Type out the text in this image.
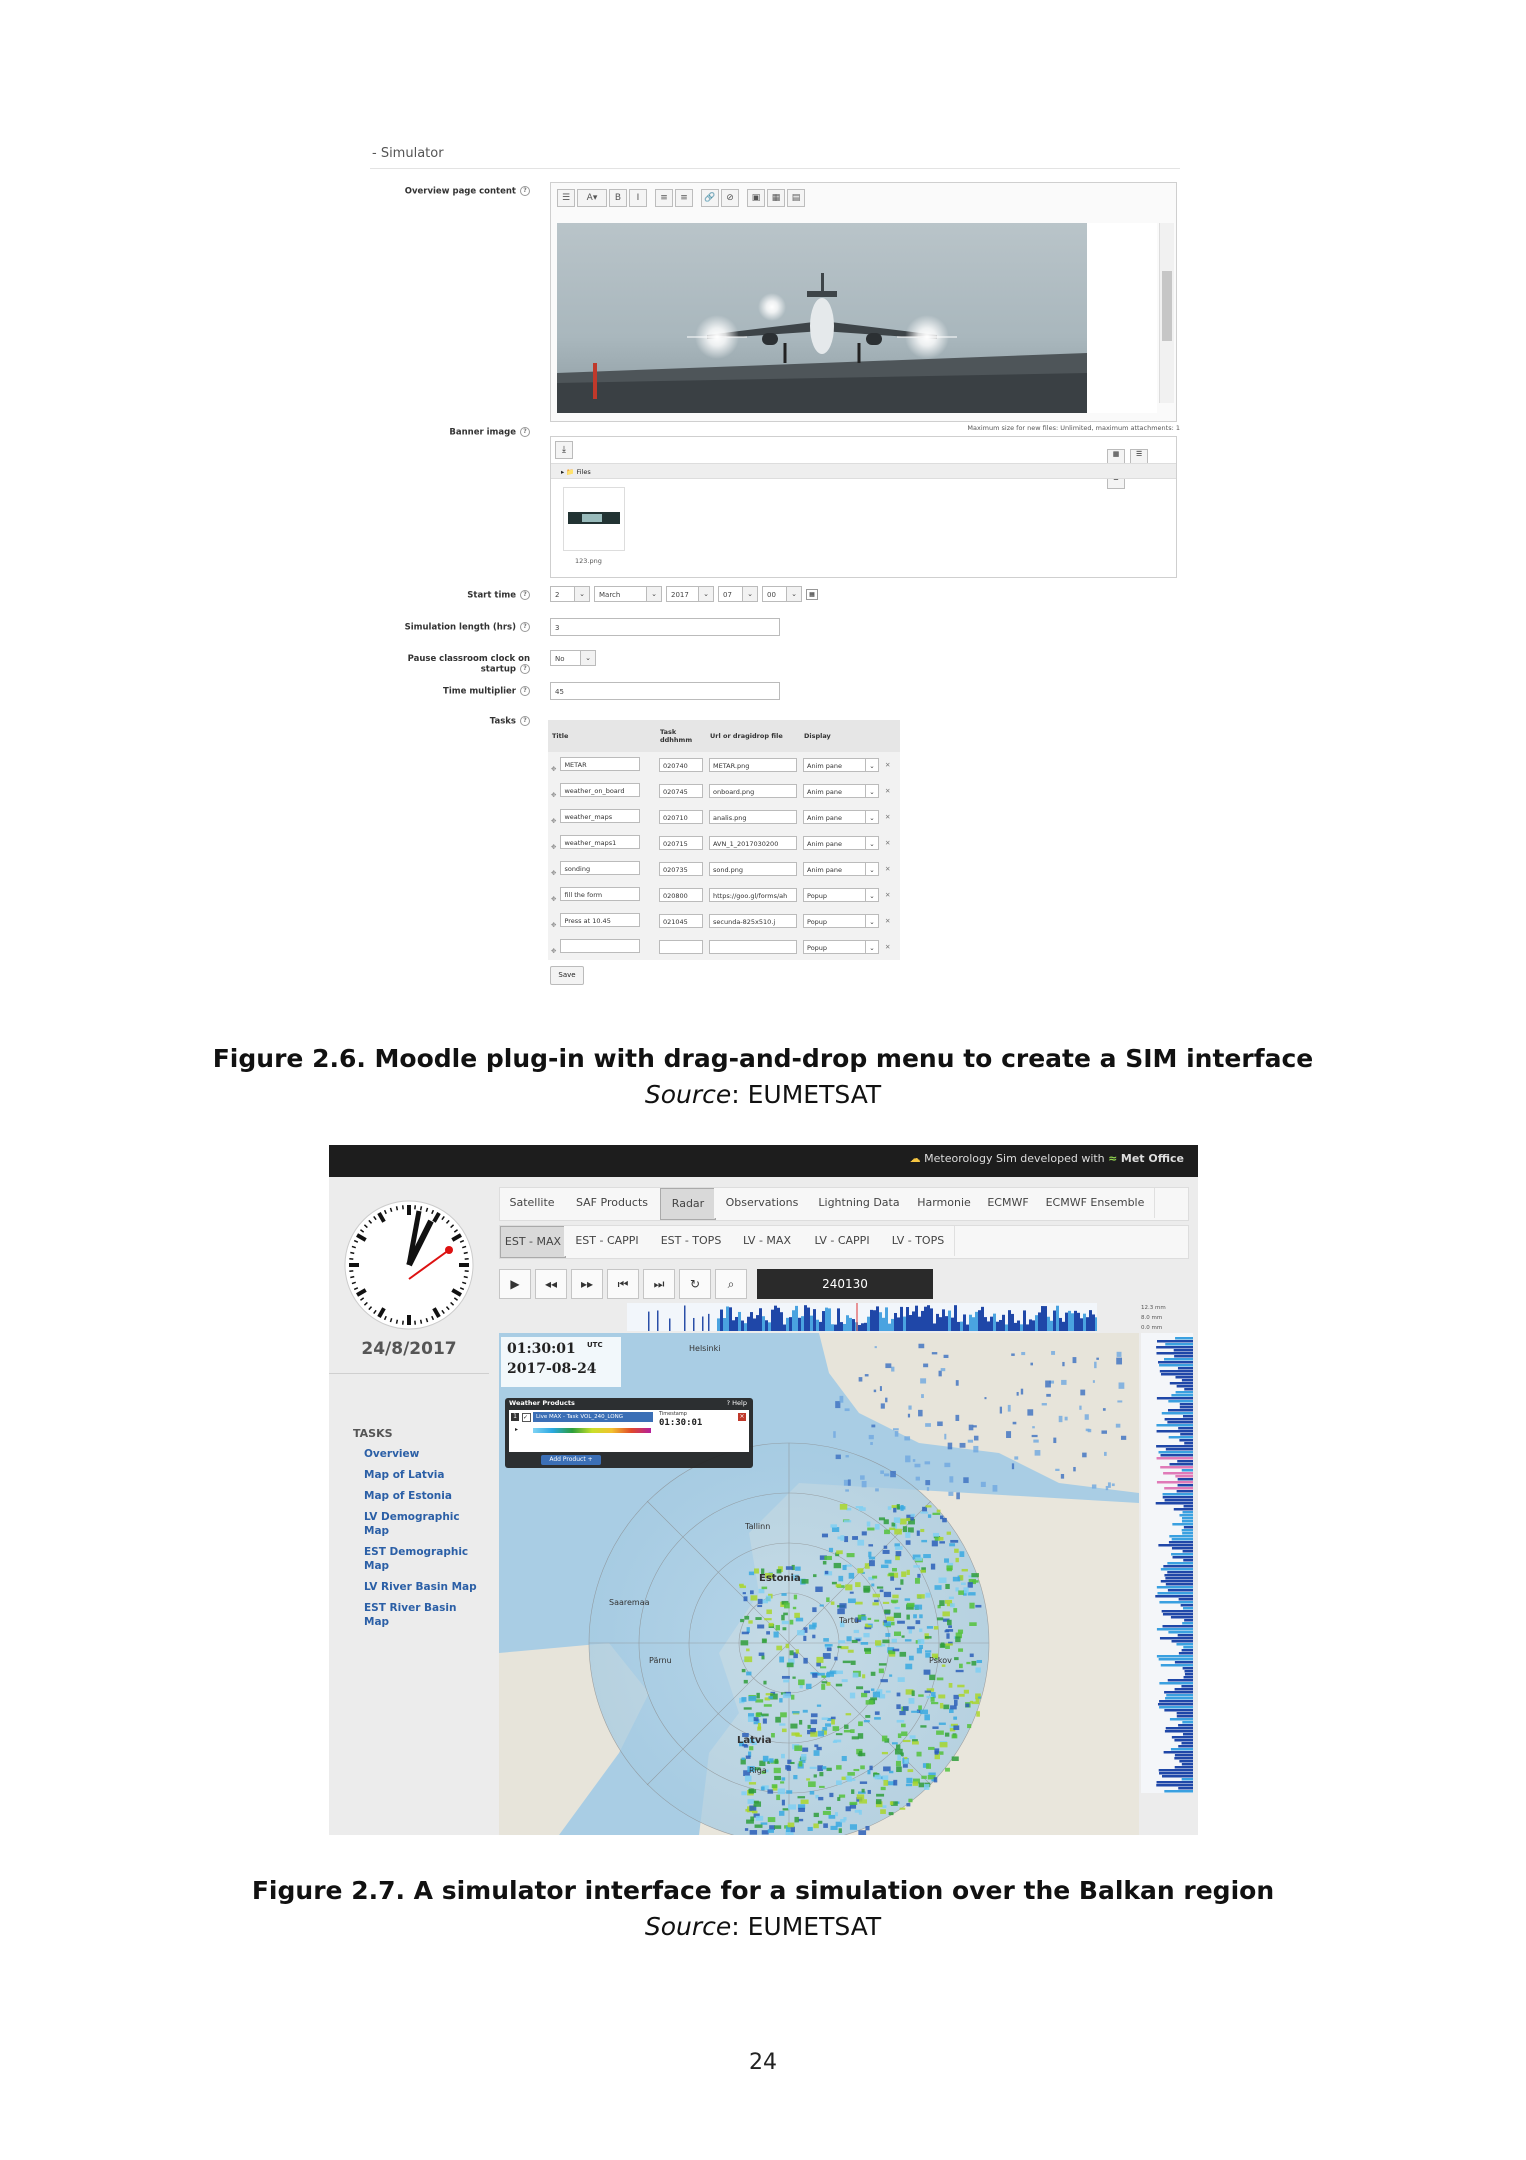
- Simulator
Overview page content ?
☰	A▾	B	I	≡	≡	🔗	⊘	▣	▦	▤
Banner image ?	Maximum size for new files: Unlimited, maximum attachments: 1
⤓	▦ ☰
▸ 📁 Files
123.png
Start time ?	2	⌄	March	⌄	2017	⌄	07	⌄	00	⌄	▦
Simulation length (hrs) ?	3
Pause classroom clock on startup ?
No	⌄
Time multiplier ?	45
Tasks ?
Title	Task ddhhmm	Url or dragidrop file	Display	
✥ METAR	020740	METAR.png	Anim pane ⌄	✕
✥ weather_on_board	020745	onboard.png	Anim pane ⌄	✕
✥ weather_maps	020710	analis.png	Anim pane ⌄	✕
✥ weather_maps1	020715	AVN_1_2017030200	Anim pane ⌄	✕
✥ sonding	020735	sond.png	Anim pane ⌄	✕
✥ fill the form	020800	https://goo.gl/forms/ah	Popup ⌄	✕
✥ Press at 10.45	021045	secunda-825x510.j	Popup ⌄	✕
✥			Popup ⌄	✕
Save
Figure 2.6. Moodle plug-in with drag-and-drop menu to create a SIM interface
Source: EUMETSAT
☁ Meteorology Sim developed with ≈ Met Office
24/8/2017
TASKS
Overview
Map of Latvia
Map of Estonia
LV Demographic Map
EST Demographic Map
LV River Basin Map
EST River Basin Map
Satellite	SAF Products	Radar	Observations	Lightning Data	Harmonie	ECMWF	ECMWF Ensemble
EST - MAX	EST - CAPPI	EST - TOPS	LV - MAX	LV - CAPPI	LV - TOPS
▶	◂◂	▸▸	⏮	⏭	↻	⌕	240130
12.3 mm
8.0 mm
0.0 mm
Helsinki
Estonia
Tallinn
Tartu
Riga
Latvia
Saaremaa
Pärnu	Pskov
01:30:01 UTC
2017-08-24
Weather Products	? Help
1	✓	Live MAX - Task VOL_240_LONG	Timestamp
01:30:01
×
▸
Add Product +
Figure 2.7. A simulator interface for a simulation over the Balkan region
Source: EUMETSAT
24
